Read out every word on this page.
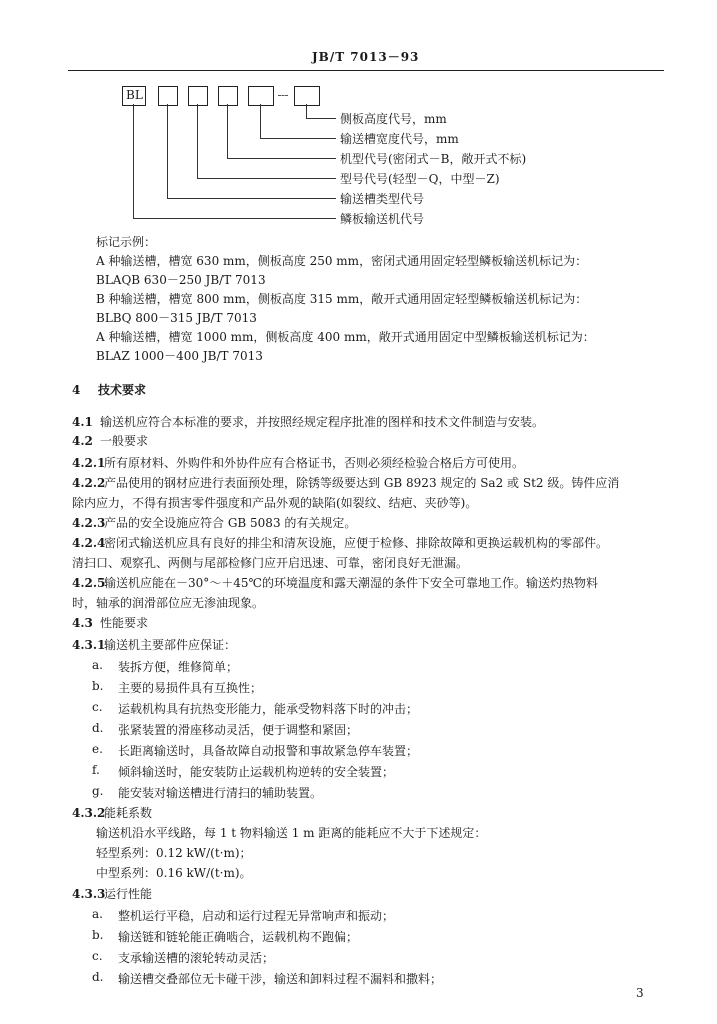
JB/T 7013－93
BL
侧板高度代号，mm
输送槽宽度代号，mm
机型代号(密闭式－B，敞开式不标)
型号代号(轻型－Q，中型－Z)
输送槽类型代号
鳞板输送机代号
标记示例：
A 种输送槽，槽宽 630 mm，侧板高度 250 mm，密闭式通用固定轻型鳞板输送机标记为：
BLAQB 630－250 JB/T 7013
B 种输送槽，槽宽 800 mm，侧板高度 315 mm，敞开式通用固定轻型鳞板输送机标记为：
BLBQ 800－315 JB/T 7013
A 种输送槽，槽宽 1000 mm，侧板高度 400 mm，敞开式通用固定中型鳞板输送机标记为：
BLAZ 1000－400 JB/T 7013
4 技术要求
4.1 输送机应符合本标准的要求，并按照经规定程序批准的图样和技术文件制造与安装。
4.2 一般要求
4.2.1所有原材料、外购件和外协件应有合格证书，否则必须经检验合格后方可使用。
4.2.2产品使用的钢材应进行表面预处理，除锈等级要达到 GB 8923 规定的 Sa2 或 St2 级。铸件应消
除内应力，不得有损害零件强度和产品外观的缺陷(如裂纹、结疤、夹砂等)。
4.2.3产品的安全设施应符合 GB 5083 的有关规定。
4.2.4密闭式输送机应具有良好的排尘和清灰设施，应便于检修、排除故障和更换运载机构的零部件。
清扫口、观察孔、两侧与尾部检修门应开启迅速、可靠，密闭良好无泄漏。
4.2.5输送机应能在－30°～＋45℃的环境温度和露天潮湿的条件下安全可靠地工作。输送灼热物料
时，轴承的润滑部位应无渗油现象。
4.3 性能要求
4.3.1输送机主要部件应保证：
a. 装拆方便，维修简单；
b. 主要的易损件具有互换性；
c. 运载机构具有抗热变形能力，能承受物料落下时的冲击；
d. 张紧装置的滑座移动灵活，便于调整和紧固；
e. 长距离输送时，具备故障自动报警和事故紧急停车装置；
f. 倾斜输送时，能安装防止运载机构逆转的安全装置；
g. 能安装对输送槽进行清扫的辅助装置。
4.3.2能耗系数
输送机沿水平线路，每 1 t 物料输送 1 m 距离的能耗应不大于下述规定：
轻型系列：0.12 kW/(t·m)；
中型系列：0.16 kW/(t·m)。
4.3.3运行性能
a. 整机运行平稳，启动和运行过程无异常响声和振动；
b. 输送链和链轮能正确啮合，运载机构不跑偏；
c. 支承输送槽的滚轮转动灵活；
d. 输送槽交叠部位无卡碰干涉，输送和卸料过程不漏料和撒料；
3
